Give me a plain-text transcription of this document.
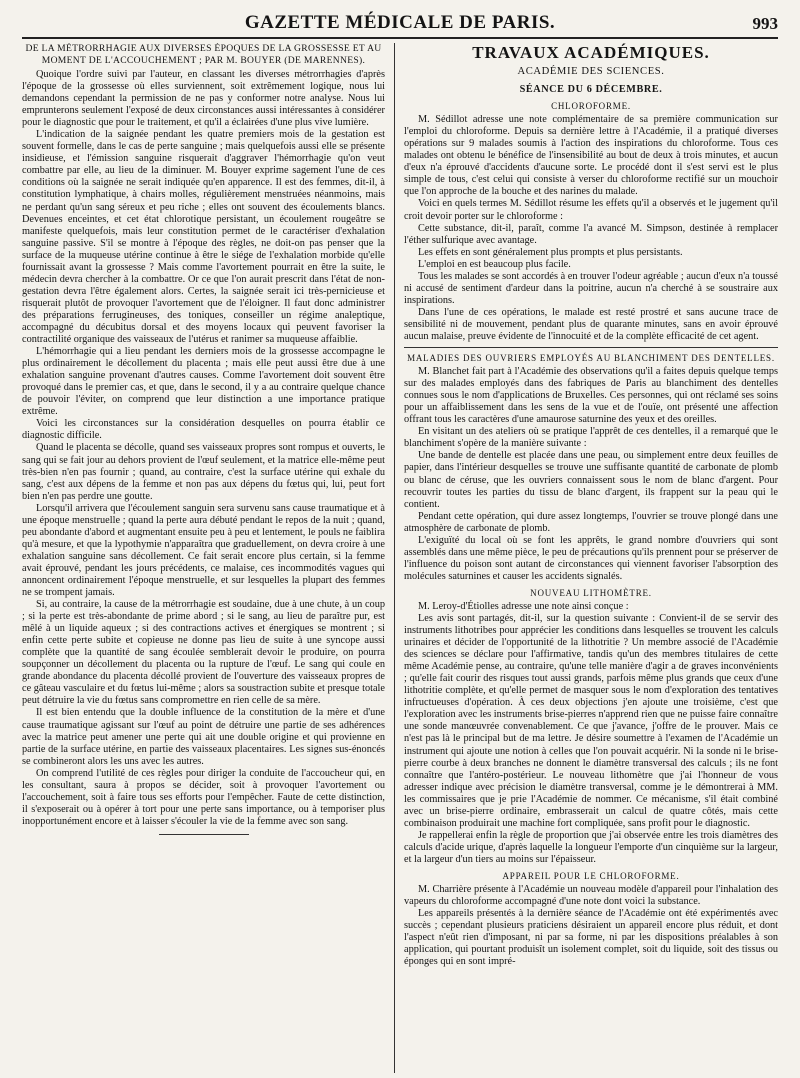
GAZETTE MÉDICALE DE PARIS.	993
DE LA MÉTRORRHAGIE AUX DIVERSES ÉPOQUES DE LA GROSSESSE ET AU MOMENT DE L'ACCOUCHEMENT ; PAR M. BOUYER (DE MARENNES).

Quoique l'ordre suivi par l'auteur, en classant les diverses métrorrhagies d'après l'époque de la grossesse où elles surviennent, soit extrêmement logique, nous lui demandons cependant la permission de ne pas y conformer notre analyse. Nous lui emprunterons seulement l'exposé de deux circonstances aussi intéressantes à considérer pour le diagnostic que pour le traitement, et qu'il a éclairées d'une plus vive lumière.

L'indication de la saignée pendant les quatre premiers mois de la gestation est souvent formelle, dans le cas de perte sanguine ; mais quelquefois aussi elle se présente insidieuse, et l'émission sanguine risquerait d'aggraver l'hémorrhagie qu'on veut combattre par elle, au lieu de la diminuer. M. Bouyer exprime sagement l'une de ces conditions où la saignée ne serait indiquée qu'en apparence. Il est des femmes, dit-il, à constitution lymphatique, à chairs molles, régulièrement menstruées néanmoins, mais ne perdant qu'un sang séreux et peu riche ; elles ont souvent des écoulements blancs. Devenues enceintes, et cet état chlorotique persistant, un écoulement rougeâtre se manifeste quelquefois, mais leur constitution permet de le caractériser d'exhalation sanguine passive. S'il se montre à l'époque des règles, ne doit-on pas penser que la surface de la muqueuse utérine continue à être le siége de l'exhalation morbide qu'elle fournissait avant la grossesse ? Mais comme l'avortement pourrait en être la suite, le médecin devra chercher à la combattre. Or ce que l'on aurait prescrit dans l'état de non-gestation devra l'être également alors. Certes, la saignée serait ici très-pernicieuse et risquerait plutôt de provoquer l'avortement que de l'éloigner. Il faut donc administrer des préparations ferrugineuses, des toniques, conseiller un régime analeptique, accompagné du décubitus dorsal et des moyens locaux qui peuvent favoriser la contractilité organique des vaisseaux de l'utérus et ranimer sa muqueuse affaiblie.

L'hémorrhagie qui a lieu pendant les derniers mois de la grossesse accompagne le plus ordinairement le décollement du placenta ; mais elle peut aussi être due à une exhalation sanguine provenant d'autres causes. Comme l'avortement doit souvent être provoqué dans le premier cas, et que, dans le second, il y a au contraire quelque chance de pouvoir l'éviter, on comprend que leur distinction a une importance pratique extrême.

Voici les circonstances sur la considération desquelles on pourra établir ce diagnostic difficile.

Quand le placenta se décolle, quand ses vaisseaux propres sont rompus et ouverts, le sang qui se fait jour au dehors provient de l'œuf seulement, et la matrice elle-même peut très-bien n'en pas fournir ; quand, au contraire, c'est la surface utérine qui exhale du sang, c'est aux dépens de la femme et non pas aux dépens du fœtus qui, lui, peut fort bien n'en pas perdre une goutte.

Lorsqu'il arrivera que l'écoulement sanguin sera survenu sans cause traumatique et à une époque menstruelle ; quand la perte aura débuté pendant le repos de la nuit ; quand, peu abondante d'abord et augmentant ensuite peu à peu et lentement, le pouls ne faiblira qu'à mesure, et que la lypothymie n'apparaîtra que graduellement, on devra croire à une exhalation sanguine sans décollement. Ce fait serait encore plus certain, si la femme avait éprouvé, pendant les jours précédents, ce malaise, ces incommodités vagues qui annoncent ordinairement l'époque menstruelle, et sur lesquelles la plupart des femmes ne se trompent jamais.

Si, au contraire, la cause de la métrorrhagie est soudaine, due à une chute, à un coup ; si la perte est très-abondante de prime abord ; si le sang, au lieu de paraître pur, est mêlé à un liquide aqueux ; si des contractions actives et énergiques se montrent ; si enfin cette perte subite et copieuse ne donne pas lieu de suite à une syncope aussi complète que la quantité de sang écoulée semblerait devoir le produire, on pourra soupçonner un décollement du placenta ou la rupture de l'œuf. Le sang qui coule en grande abondance du placenta décollé provient de l'ouverture des vaisseaux propres de ce gâteau vasculaire et du fœtus lui-même ; alors sa soustraction subite et presque totale peut détruire la vie du fœtus sans compromettre en rien celle de sa mère.

Il est bien entendu que la double influence de la constitution de la mère et d'une cause traumatique agissant sur l'œuf au point de détruire une partie de ses adhérences avec la matrice peut amener une perte qui ait une double origine et qui provienne en partie de la surface utérine, en partie des vaisseaux placentaires. Les signes sus-énoncés se combineront alors les uns avec les autres.

On comprend l'utilité de ces règles pour diriger la conduite de l'accoucheur qui, en les consultant, saura à propos se décider, soit à provoquer l'avortement ou l'accouchement, soit à faire tous ses efforts pour l'empêcher. Faute de cette distinction, il s'exposerait ou à opérer à tort pour une perte sans importance, ou à temporiser plus inopportunément encore et à laisser s'écouler la vie de la femme avec son sang.

TRAVAUX ACADÉMIQUES.
ACADÉMIE DES SCIENCES.
SÉANCE DU 6 DÉCEMBRE.
CHLOROFORME.

M. Sédillot adresse une note complémentaire de sa première communication sur l'emploi du chloroforme. Depuis sa dernière lettre à l'Académie, il a pratiqué diverses opérations sur 9 malades soumis à l'action des inspirations du chloroforme. Tous ces malades ont obtenu le bénéfice de l'insensibilité au bout de deux à trois minutes, et aucun d'eux n'a éprouvé d'accidents d'aucune sorte. Le procédé dont il s'est servi est le plus simple de tous, c'est celui qui consiste à verser du chloroforme rectifié sur un mouchoir que l'on approche de la bouche et des narines du malade.

Voici en quels termes M. Sédillot résume les effets qu'il a observés et le jugement qu'il croit devoir porter sur le chloroforme :

Cette substance, dit-il, paraît, comme l'a avancé M. Simpson, destinée à remplacer l'éther sulfurique avec avantage.

Les effets en sont généralement plus prompts et plus persistants.

L'emploi en est beaucoup plus facile.

Tous les malades se sont accordés à en trouver l'odeur agréable ; aucun d'eux n'a toussé ni accusé de sentiment d'ardeur dans la poitrine, aucun n'a cherché à se soustraire aux inspirations.

Dans l'une de ces opérations, le malade est resté prostré et sans aucune trace de sensibilité ni de mouvement, pendant plus de quarante minutes, sans en avoir éprouvé aucun malaise, preuve évidente de l'innocuité et de la complète efficacité de cet agent.

MALADIES DES OUVRIERS EMPLOYÉS AU BLANCHIMENT DES DENTELLES.

M. Blanchet fait part à l'Académie des observations qu'il a faites depuis quelque temps sur des malades employés dans des fabriques de Paris au blanchiment des dentelles connues sous le nom d'applications de Bruxelles. Ces personnes, qui ont réclamé ses soins pour un affaiblissement dans les sens de la vue et de l'ouïe, ont présenté une affection offrant tous les caractères d'une amaurose saturnine des yeux et des oreilles.

En visitant un des ateliers où se pratique l'apprêt de ces dentelles, il a remarqué que le blanchiment s'opère de la manière suivante :

Une bande de dentelle est placée dans une peau, ou simplement entre deux feuilles de papier, dans l'intérieur desquelles se trouve une suffisante quantité de carbonate de plomb ou blanc de céruse, que les ouvriers connaissent sous le nom de blanc d'argent. Pour recouvrir toutes les parties du tissu de blanc d'argent, ils frappent sur la peau qui le contient.

Pendant cette opération, qui dure assez longtemps, l'ouvrier se trouve plongé dans une atmosphère de carbonate de plomb.

L'exiguïté du local où se font les apprêts, le grand nombre d'ouvriers qui sont assemblés dans une même pièce, le peu de précautions qu'ils prennent pour se préserver de l'influence du poison sont autant de circonstances qui viennent favoriser l'absorption des molécules saturnines et causer les accidents signalés.

NOUVEAU LITHOMÈTRE.

M. Leroy-d'Étiolles adresse une note ainsi conçue :

Les avis sont partagés, dit-il, sur la question suivante : Convient-il de se servir des instruments lithotribes pour apprécier les conditions dans lesquelles se trouvent les calculs urinaires et décider de l'opportunité de la lithotritie ? Un membre associé de l'Académie des sciences se déclare pour l'affirmative, tandis qu'un des membres titulaires de cette même Académie pense, au contraire, qu'une telle manière d'agir a de graves inconvénients ; qu'elle fait courir des risques tout aussi grands, parfois même plus grands que ceux d'une lithotritie complète, et qu'elle permet de masquer sous le nom d'exploration des tentatives infructueuses d'opération. À ces deux objections j'en ajoute une troisième, c'est que l'exploration avec les instruments brise-pierres n'apprend rien que ne puisse faire connaître une sonde manœuvrée convenablement. Ce que j'avance, j'offre de le prouver. Mais ce n'est pas là le principal but de ma lettre. Je désire soumettre à l'examen de l'Académie un instrument qui ajoute une notion à celles que l'on pouvait acquérir. Ni la sonde ni le brise-pierre courbe à deux branches ne donnent le diamètre transversal des calculs ; ils ne font connaître que l'antéro-postérieur. Le nouveau lithomètre que j'ai l'honneur de vous adresser indique avec précision le diamètre transversal, comme je le démontrerai à MM. les commissaires que je prie l'Académie de nommer. Ce mécanisme, s'il était combiné avec un brise-pierre ordinaire, embrasserait un calcul de quatre côtés, mais cette combinaison produirait une machine fort compliquée, sans profit pour le diagnostic.

Je rappellerai enfin la règle de proportion que j'ai observée entre les trois diamètres des calculs d'acide urique, d'après laquelle la longueur l'emporte d'un cinquième sur la largeur, et la largeur d'un tiers au moins sur l'épaisseur.

APPAREIL POUR LE CHLOROFORME.

M. Charrière présente à l'Académie un nouveau modèle d'appareil pour l'inhalation des vapeurs du chloroforme accompagné d'une note dont voici la substance.

Les appareils présentés à la dernière séance de l'Académie ont été expérimentés avec succès ; cependant plusieurs praticiens désiraient un appareil encore plus réduit, et dont l'aspect n'eût rien d'imposant, ni par sa forme, ni par les dispositions préalables à son application, qui pourtant produisît un isolement complet, soit du liquide, soit des tissus ou éponges qui en sont impré-
